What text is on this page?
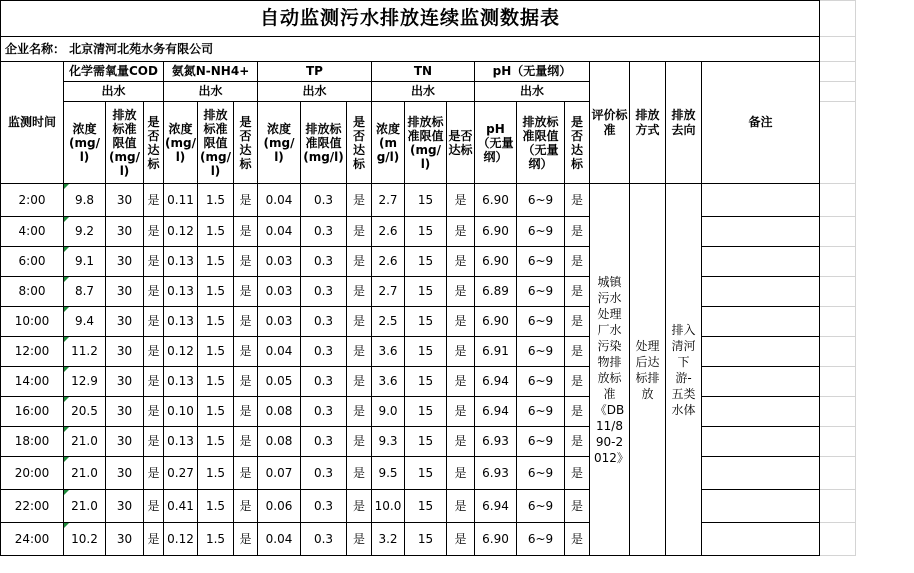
自动监测污水排放连续监测数据表																				
企业名称： 北京清河北苑水务有限公司																				
监测时间	化学需氧量COD			氨氮N-NH4+			TP			TN			pH（无量纲）			评价标准	排放方式	排放去向	备注	
	出水			出水			出水			出水			出水							

	浓度(mg/l)	排放标准限值(mg/l)	是否达标	浓度(mg/l)	排放标准限值(mg/l)	是否达标	浓度(mg/l)	排放标准限值(mg/l)	是否达标	浓度(mg/l)	排放标准限值(mg/l)	是否达标	pH（无量纲）	排放标准限值（无量纲）	是否达标					

2:00	9.8	30	是	0.11	1.5	是	0.04	0.3	是	2.7	15	是	6.90	6~9	是	城镇污水处理厂水污染物排放标准《DB11/890-2012》	处理后达标排放	排入清河下游-五类水体		

4:00	9.2	30	是	0.12	1.5	是	0.04	0.3	是	2.6	15	是	6.90	6~9	是					
6:00	9.1	30	是	0.13	1.5	是	0.03	0.3	是	2.6	15	是	6.90	6~9	是					
8:00	8.7	30	是	0.13	1.5	是	0.03	0.3	是	2.7	15	是	6.89	6~9	是					
10:00	9.4	30	是	0.13	1.5	是	0.03	0.3	是	2.5	15	是	6.90	6~9	是					
12:00	11.2	30	是	0.12	1.5	是	0.04	0.3	是	3.6	15	是	6.91	6~9	是					
14:00	12.9	30	是	0.13	1.5	是	0.05	0.3	是	3.6	15	是	6.94	6~9	是					
16:00	20.5	30	是	0.10	1.5	是	0.08	0.3	是	9.0	15	是	6.94	6~9	是					
18:00	21.0	30	是	0.13	1.5	是	0.08	0.3	是	9.3	15	是	6.93	6~9	是					
20:00	21.0	30	是	0.27	1.5	是	0.07	0.3	是	9.5	15	是	6.93	6~9	是					
22:00	21.0	30	是	0.41	1.5	是	0.06	0.3	是	10.0	15	是	6.94	6~9	是					
24:00	10.2	30	是	0.12	1.5	是	0.04	0.3	是	3.2	15	是	6.90	6~9	是					
